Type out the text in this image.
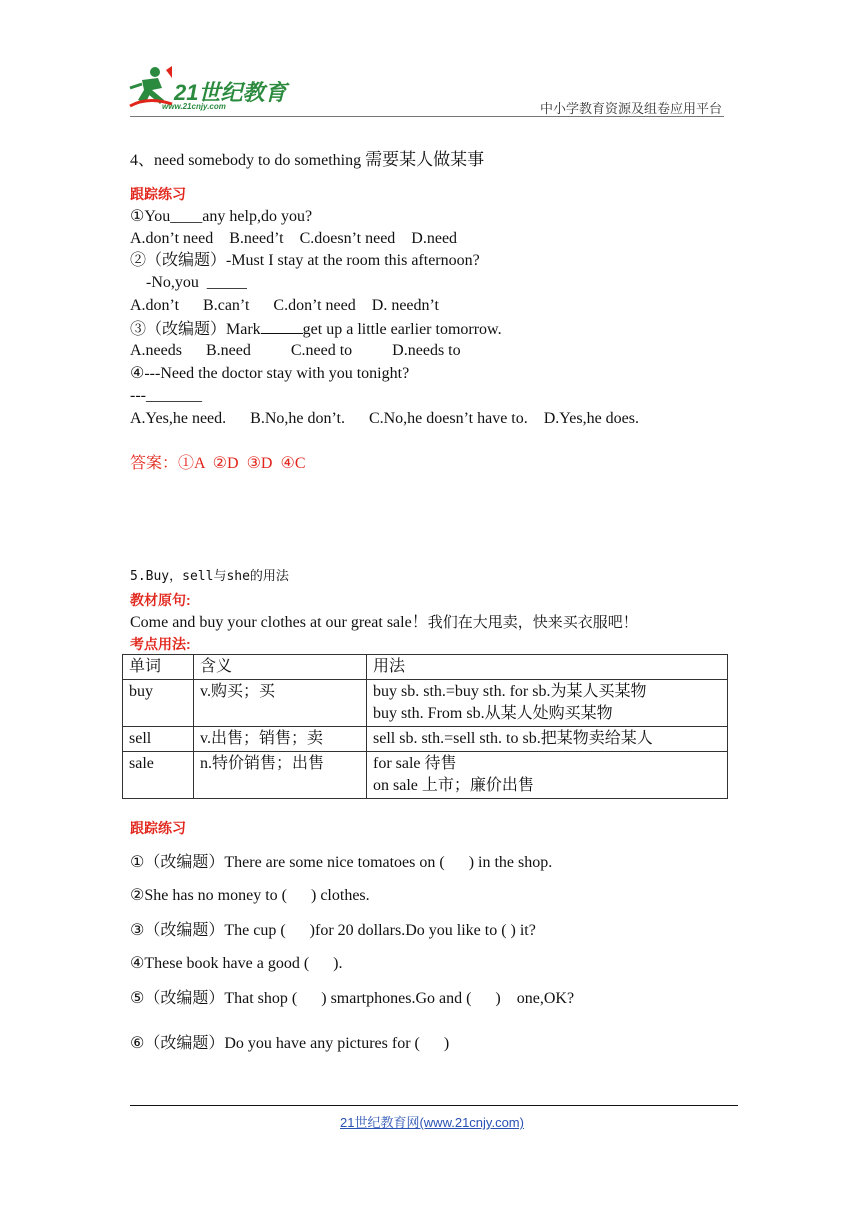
21世纪教育
www.21cnjy.com	中小学教育资源及组卷应用平台
4、need somebody to do something 需要某人做某事
跟踪练习
①You____any help,do you?
A.don’t need    B.need’t    C.doesn’t need    D.need
②（改编题）-Must I stay at the room this afternoon?
-No,you  _____
A.don’t      B.can’t      C.don’t need    D. needn’t
③（改编题）Mark	get up a little earlier tomorrow.
A.needs      B.need          C.need to          D.needs to
④---Need the doctor stay with you tonight?
---_______
A.Yes,he need.      B.No,he don’t.      C.No,he doesn’t have to.    D.Yes,he does.
答案：①A  ②D  ③D  ④C
5.Buy，sell与she的用法
教材原句:
Come and buy your clothes at our great sale！我们在大甩卖，快来买衣服吧！
考点用法:
单词	含义	用法
buy	v.购买；买	buy sb. sth.=buy sth. for sb.为某人买某物
buy sth. From sb.从某人处购买某物

sell	v.出售；销售；卖	sell sb. sth.=sell sth. to sb.把某物卖给某人

sale	n.特价销售；出售	for sale 待售
on sale 上市；廉价出售
跟踪练习
①（改编题）There are some nice tomatoes on (      ) in the shop.
②She has no money to (      ) clothes.
③（改编题）The cup (      )for 20 dollars.Do you like to ( ) it?
④These book have a good (      ).
⑤（改编题）That shop (      ) smartphones.Go and (      )    one,OK?
⑥（改编题）Do you have any pictures for (      )
21世纪教育网(www.21cnjy.com)
